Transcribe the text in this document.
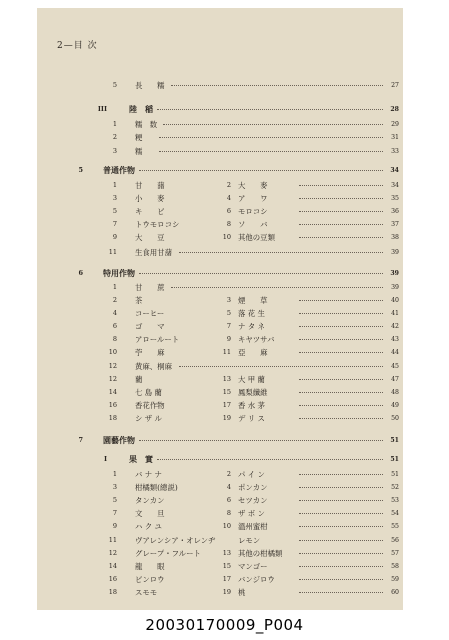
2—目 次
5 長　　糯	27
III	陸　稲	28
1 糯　数	29
2 粳	31
3 糯	33
5	普通作物	34
1 甘　　藷	2 大　　麥	34
3 小　　麥	4 ア　　ワ	35
5 キ　　ビ	6 モロコシ	36
7 トウモロコシ	8 ソ　　バ	37
9 大　　豆	10 其他の豆類	38
11 生食用甘藷	39
6	特用作物	39
1 甘　　蔗	39
2 茶	3 煙　　草	40
4 コーヒー	5 落 花 生	41
6 ゴ　　マ	7 ナ タ ネ	42
8 アロールート	9 キヤツサバ	43
10 苧　　麻	11 亞　　麻	44
12 黄麻、桐麻	45
12 藺	13 大 甲 藺	47
14 七 島 藺	15 鳳梨纖維	48
16 香花作物	17 香 水 茅	49
18 シ ザ ル	19 デ リ ス	50
7	園藝作物	51
I	果　實	51
1 バ ナ ナ	2 パ イ ン	51
3 柑橘類(總説)	4 ポンカン	52
5 タンカン	6 セツカン	53
7 文　　旦	8 ザ ボ ン	54
9 ハ ク ユ	10 溫州蜜柑	55
11 ヴアレンシア・オレンヂ	レモン	56
12 グレープ・フルート	13 其他の柑橘類	57
14 龍　　眼	15 マンゴー	58
16 ビンロウ	17 バンジロウ	59
18 スモモ	19 桃	60
20030170009_P004
